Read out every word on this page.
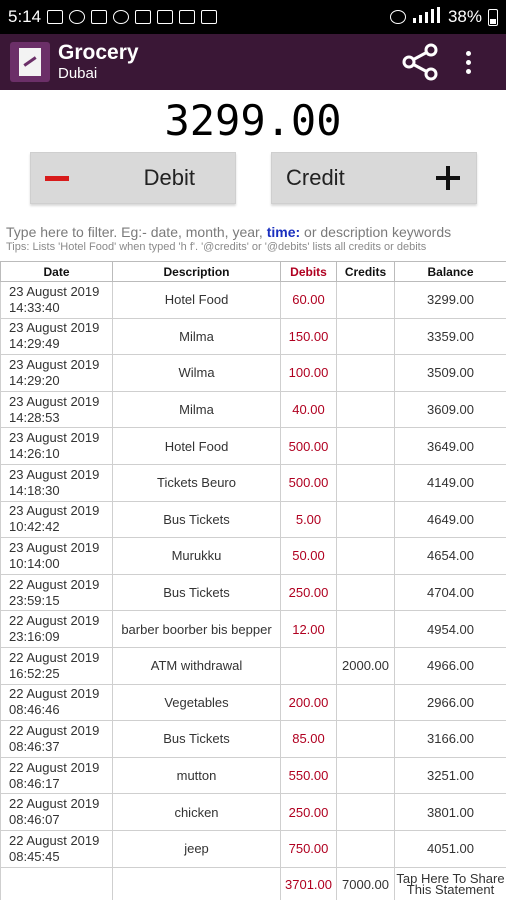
5:14	38%
Grocery
Dubai
3299.00
Debit	Credit
Type here to filter. Eg:- date, month, year, time: or description keywords
Tips: Lists 'Hotel Food' when typed 'h f'. '@credits' or '@debits' lists all credits or debits
Date	Description	Debits	Credits	Balance

23 August 2019
14:33:40	Hotel Food	60.00		3299.00

23 August 2019
14:29:49	Milma	150.00		3359.00

23 August 2019
14:29:20	Wilma	100.00		3509.00

23 August 2019
14:28:53	Milma	40.00		3609.00

23 August 2019
14:26:10	Hotel Food	500.00		3649.00

23 August 2019
14:18:30	Tickets Beuro	500.00		4149.00

23 August 2019
10:42:42	Bus Tickets	5.00		4649.00

23 August 2019
10:14:00	Murukku	50.00		4654.00

22 August 2019
23:59:15	Bus Tickets	250.00		4704.00

22 August 2019
23:16:09	barber boorber bis bepper	12.00		4954.00

22 August 2019
16:52:25	ATM withdrawal		2000.00	4966.00

22 August 2019
08:46:46	Vegetables	200.00		2966.00

22 August 2019
08:46:37	Bus Tickets	85.00		3166.00

22 August 2019
08:46:17	mutton	550.00		3251.00

22 August 2019
08:46:07	chicken	250.00		3801.00

22 August 2019
08:45:45	jeep	750.00		4051.00
		3701.00	7000.00	Tap Here To Share
This Statement
